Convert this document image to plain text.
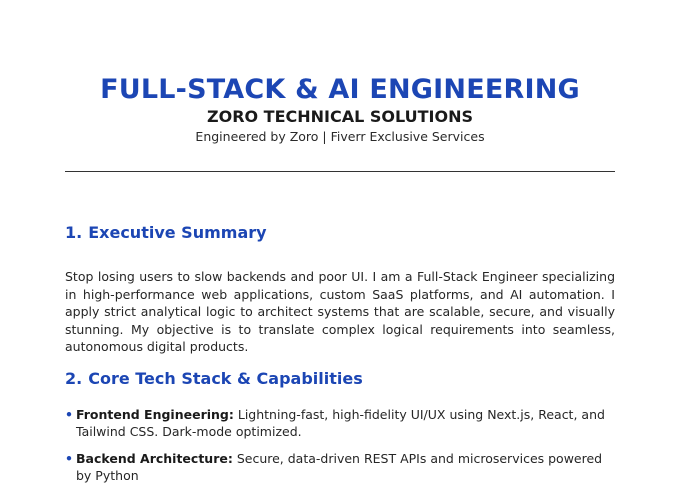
FULL-STACK & AI ENGINEERING
ZORO TECHNICAL SOLUTIONS
Engineered by Zoro | Fiverr Exclusive Services
1. Executive Summary
Stop losing users to slow backends and poor UI. I am a Full-Stack Engineer specializing in high-performance web applications, custom SaaS platforms, and AI automation. I apply strict analytical logic to architect systems that are scalable, secure, and visually stunning. My objective is to translate complex logical requirements into seamless, autonomous digital products.
2. Core Tech Stack & Capabilities
• Frontend Engineering: Lightning-fast, high-fidelity UI/UX using Next.js, React, and Tailwind CSS. Dark-mode optimized.
• Backend Architecture: Secure, data-driven REST APIs and microservices powered by Python
